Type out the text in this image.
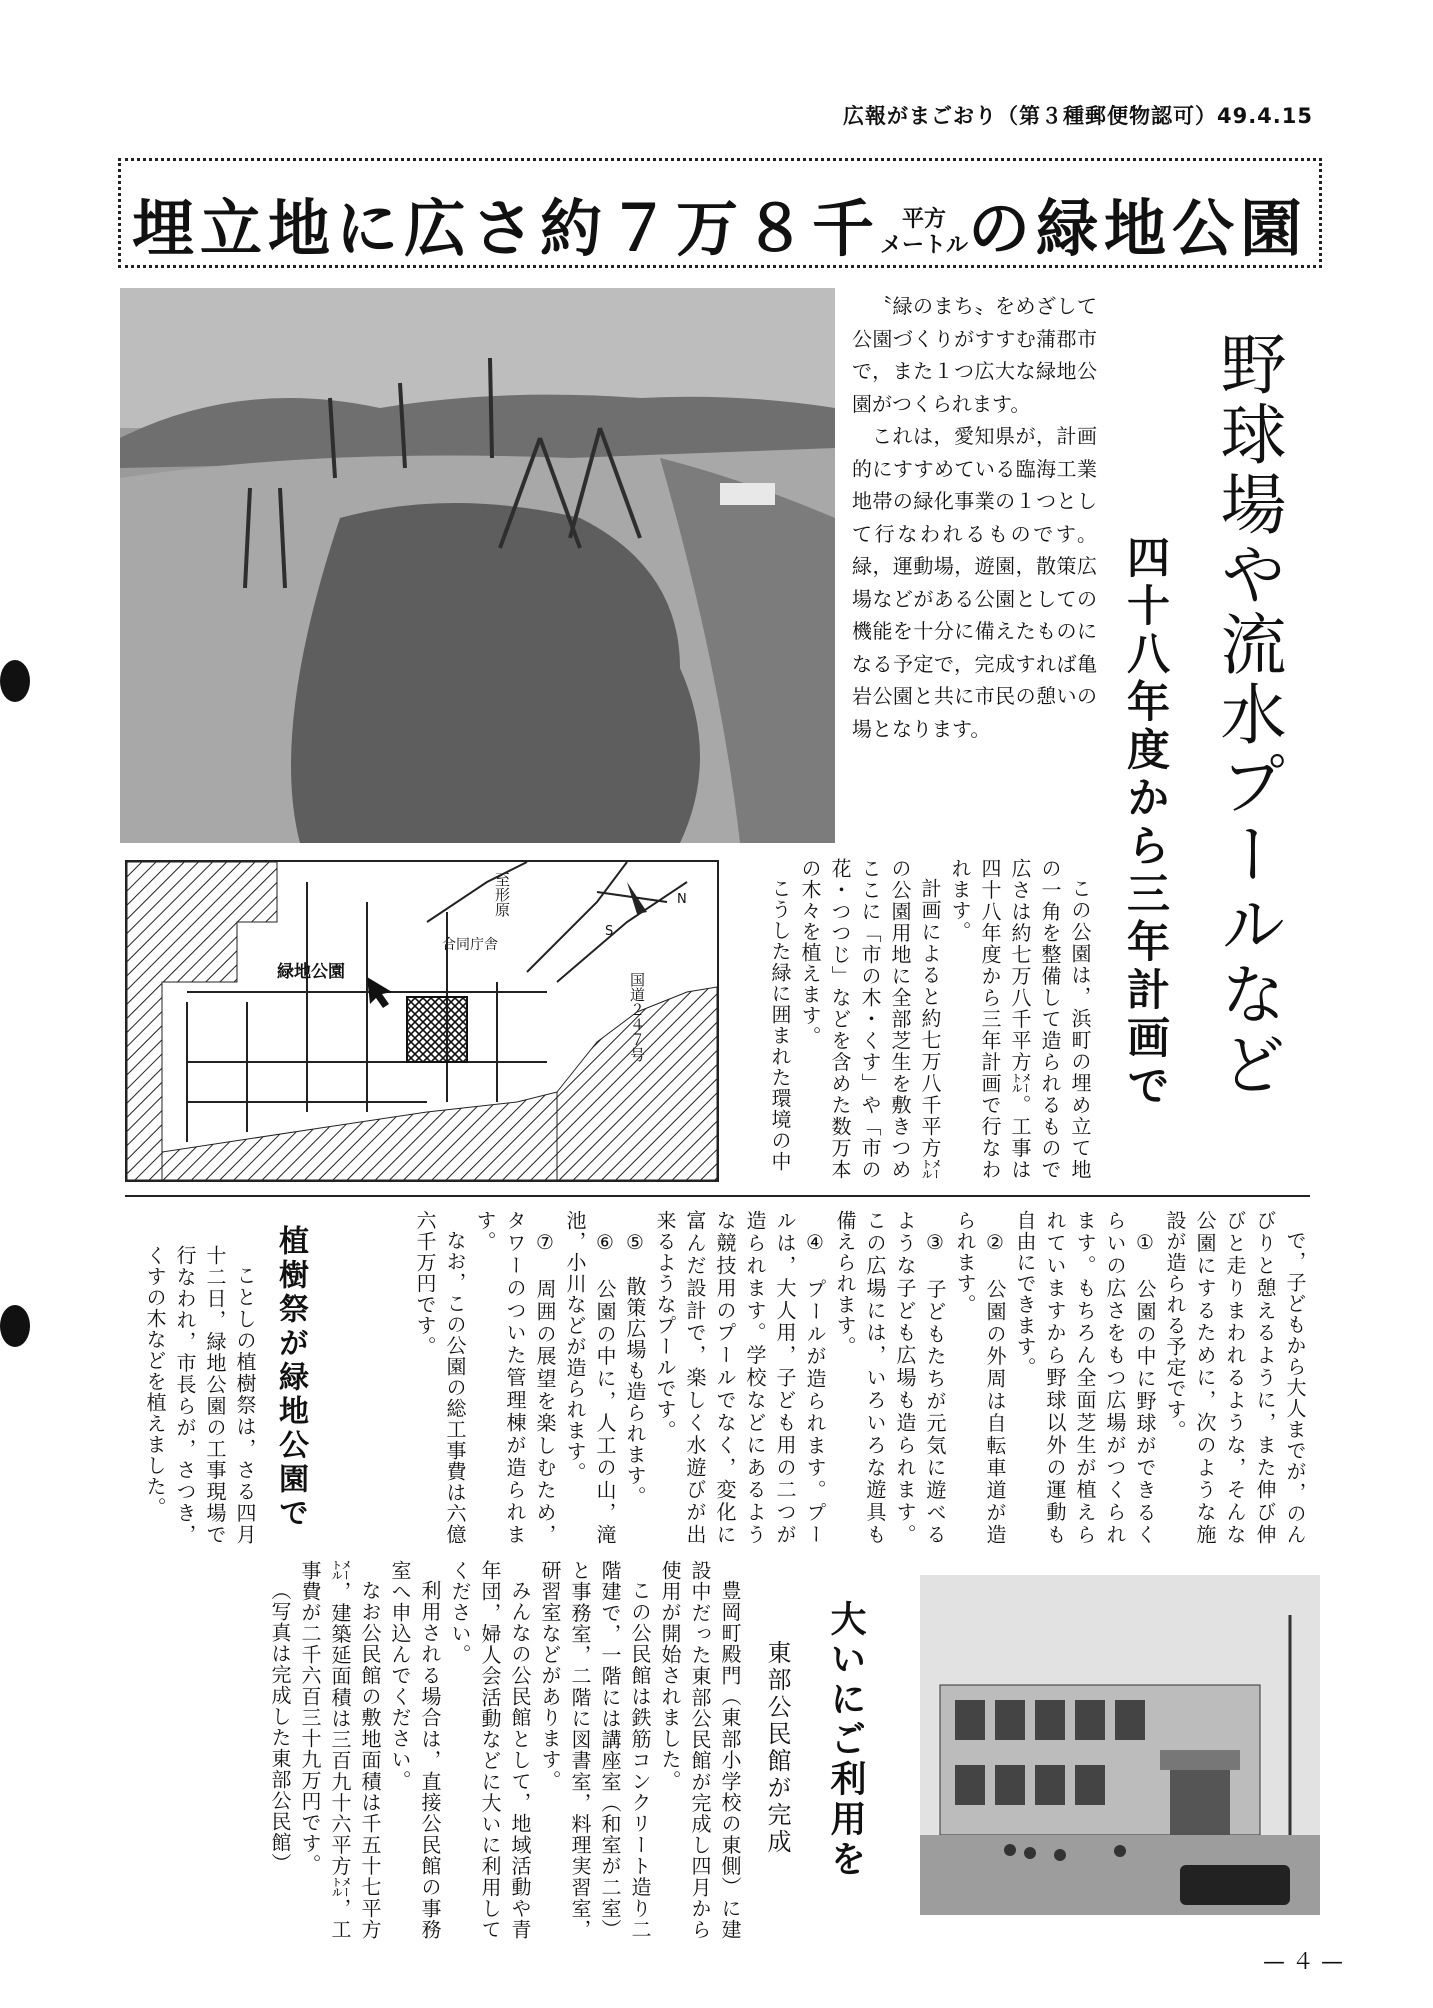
広報がまごおり（第３種郵便物認可）49.4.15
埋立地に広さ約７万８千 平方
メートルの緑地公園

〝緑のまち〟をめざして公園づくりがすすむ蒲郡市で，また１つ広大な緑地公園がつくられます。

これは，愛知県が，計画的にすすめている臨海工業地帯の緑化事業の１つとして行なわれるものです。緑，運動場，遊園，散策広場などがある公園としての機能を十分に備えたものになる予定で，完成すれば亀岩公園と共に市民の憩いの場となります。	野球場や流水プールなど
四十八年度から三年計画で
緑地公園
合同庁舎
国道２４７号
至形原	N
S	この公園は，浜町の埋め立て地の一角を整備して造られるもので広さは約七万八千平方㍍。工事は四十八年度から三年計画で行なわれます。

計画によると約七万八千平方㍍の公園用地に全部芝生を敷きつめここに「市の木・くす」や「市の花・つつじ」などを含めた数万本の木々を植えます。

こうした緑に囲まれた環境の中

で，子どもから大人までが，のんびりと憩えるように，また伸び伸びと走りまわれるような，そんな公園にするために，次のような施設が造られる予定です。

①　公園の中に野球ができるくらいの広さをもつ広場がつくられます。もちろん全面芝生が植えられていますから野球以外の運動も自由にできます。

②　公園の外周は自転車道が造られます。

③　子どもたちが元気に遊べるような子ども広場も造られます。この広場には，いろいろな遊具も備えられます。

④　プールが造られます。プールは，大人用，子ども用の二つが造られます。学校などにあるような競技用のプールでなく，変化に富んだ設計で，楽しく水遊びが出来るようなプールです。

⑤　散策広場も造られます。

⑥　公園の中に，人工の山，滝池，小川などが造られます。

⑦　周囲の展望を楽しむため，タワーのついた管理棟が造られます。

なお，この公園の総工事費は六億六千万円です。

植樹祭が緑地公園で

ことしの植樹祭は，さる四月十二日，緑地公園の工事現場で行なわれ，市長らが，さつき，くすの木などを植えました。

大いにご利用を
東部公民館が完成

豊岡町殿門（東部小学校の東側）に建設中だった東部公民館が完成し四月から使用が開始されました。

この公民館は鉄筋コンクリート造り二階建で，一階には講座室（和室が二室）と事務室，二階に図書室，料理実習室，研習室などがあります。

みんなの公民館として，地域活動や青年団，婦人会活動などに大いに利用してください。

利用される場合は，直接公民館の事務室へ申込んでください。

なお公民館の敷地面積は千五十七平方㍍，建築延面積は三百九十六平方㍍，工事費が二千六百三十九万円です。

（写真は完成した東部公民館）

— ４ —
